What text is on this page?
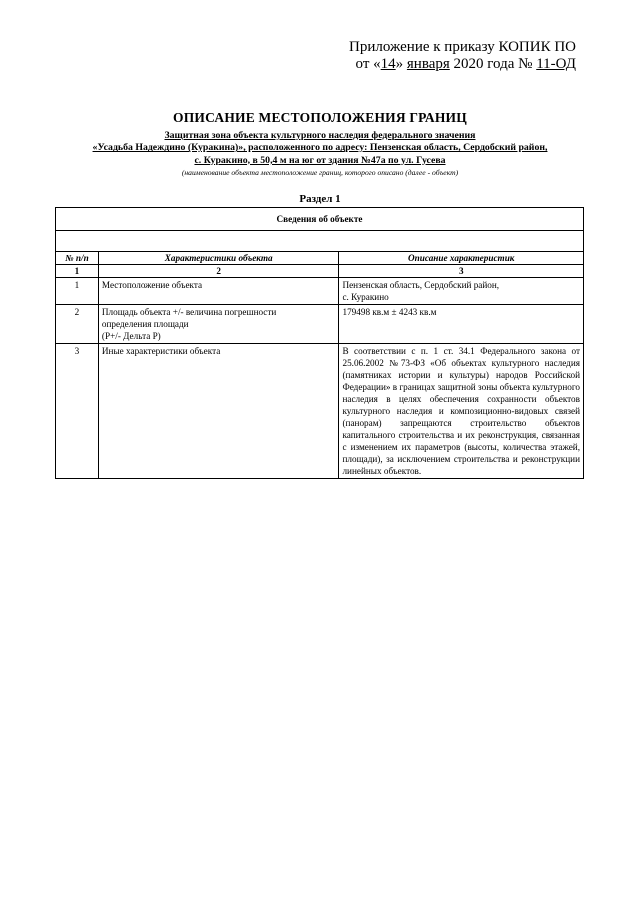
Приложение к приказу КОПИК ПО
от «14» января 2020 года № 11-ОД
ОПИСАНИЕ МЕСТОПОЛОЖЕНИЯ ГРАНИЦ
Защитная зона объекта культурного наследия федерального значения
«Усадьба Надеждино (Куракина)», расположенного по адресу: Пензенская область, Сердобский район,
с. Куракино, в 50,4 м на юг от здания №47а по ул. Гусева
(наименование объекта местоположение границ, которого описано (далее - объект)
Раздел 1
Сведения об объекте		

№ п/п	Характеристики объекта	Описание характеристик
1	2	3
1	Местоположение объекта	Пензенская область, Сердобский район,
с. Куракино

2	Площадь объекта +/- величина погрешности
определения площади
(Р+/- Дельта Р)	179498 кв.м ± 4243 кв.м
3	Иные характеристики объекта	В соответствии с п. 1 ст. 34.1 Федерального закона от 25.06.2002 №73-ФЗ «Об объектах культурного наследия (памятниках истории и культуры) народов Российской Федерации» в границах защитной зоны объекта культурного наследия в целях обеспечения сохранности объектов культурного наследия и композиционно-видовых связей (панорам) запрещаются строительство объектов капитального строительства и их реконструкция, связанная с изменением их параметров (высоты, количества этажей, площади), за исключением строительства и реконструкции линейных объектов.
